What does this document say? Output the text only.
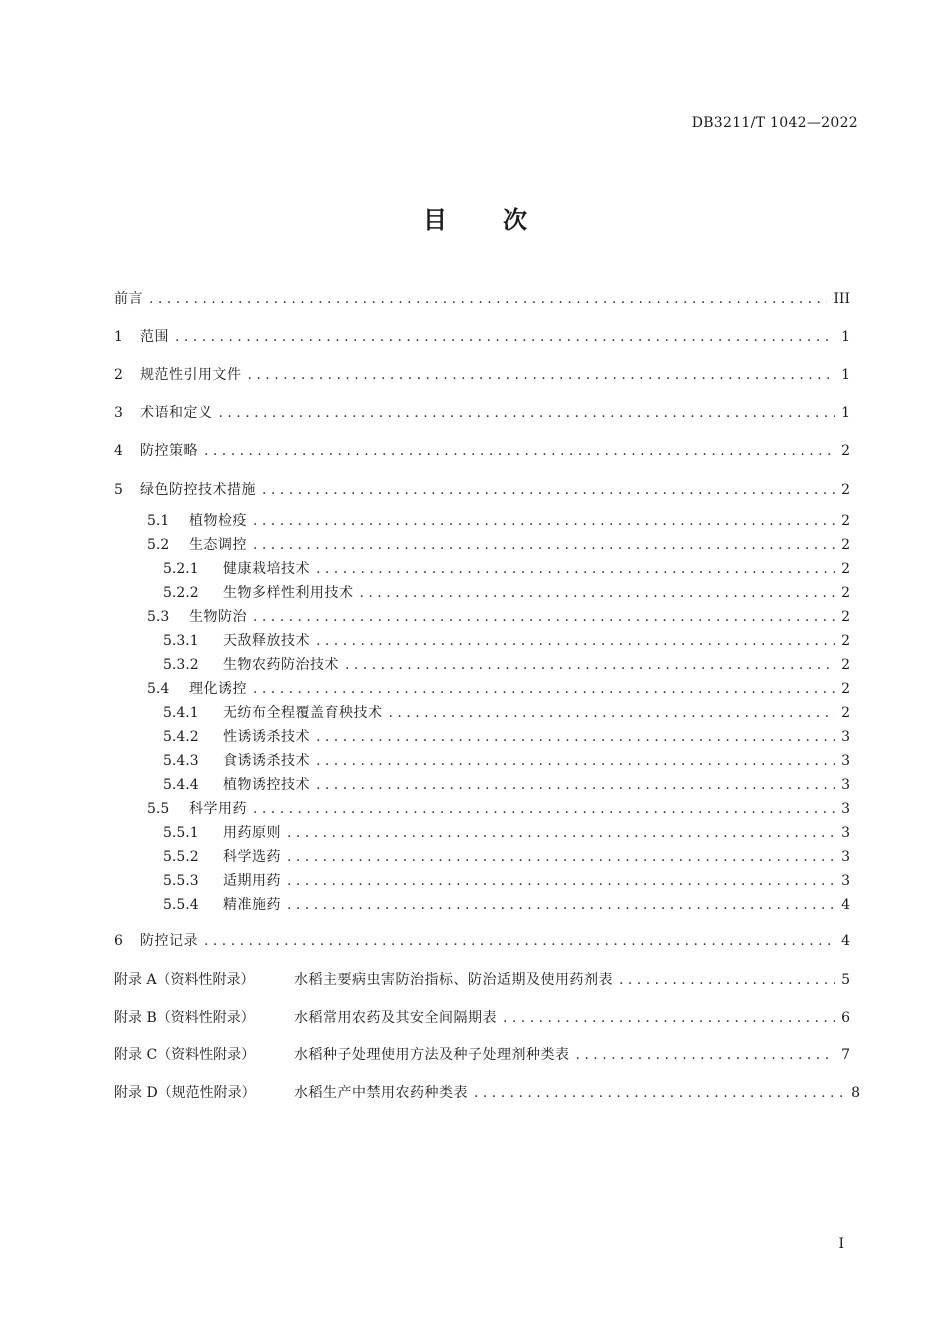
DB3211/T 1042—2022
目次
前言 . . .	III
1	范围 . . .	1
2	规范性引用文件 . . .	1
3	术语和定义 . . .	1
4	防控策略 . . .	2
5	绿色防控技术措施 . . .	2
5.1	植物检疫 . . .	2
5.2	生态调控 . . .	2
5.2.1	健康栽培技术 . . .	2
5.2.2	生物多样性利用技术 . . .	2
5.3	生物防治 . . .	2
5.3.1	天敌释放技术 . . .	2
5.3.2	生物农药防治技术 . . .	2
5.4	理化诱控 . . .	2
5.4.1	无纺布全程覆盖育秧技术 . . .	2
5.4.2	性诱诱杀技术 . . .	3
5.4.3	食诱诱杀技术 . . .	3
5.4.4	植物诱控技术 . . .	3
5.5	科学用药 . . .	3
5.5.1	用药原则 . . .	3
5.5.2	科学选药 . . .	3
5.5.3	适期用药 . . .	3
5.5.4	精准施药 . . .	4
6	防控记录 . . .	4
附录 A（资料性附录）	水稻主要病虫害防治指标、防治适期及使用药剂表 . . .	5
附录 B（资料性附录）	水稻常用农药及其安全间隔期表 . . .	6
附录 C（资料性附录）	水稻种子处理使用方法及种子处理剂种类表 . . .	7
附录 D（规范性附录）	水稻生产中禁用农药种类表 . . .	8
I
